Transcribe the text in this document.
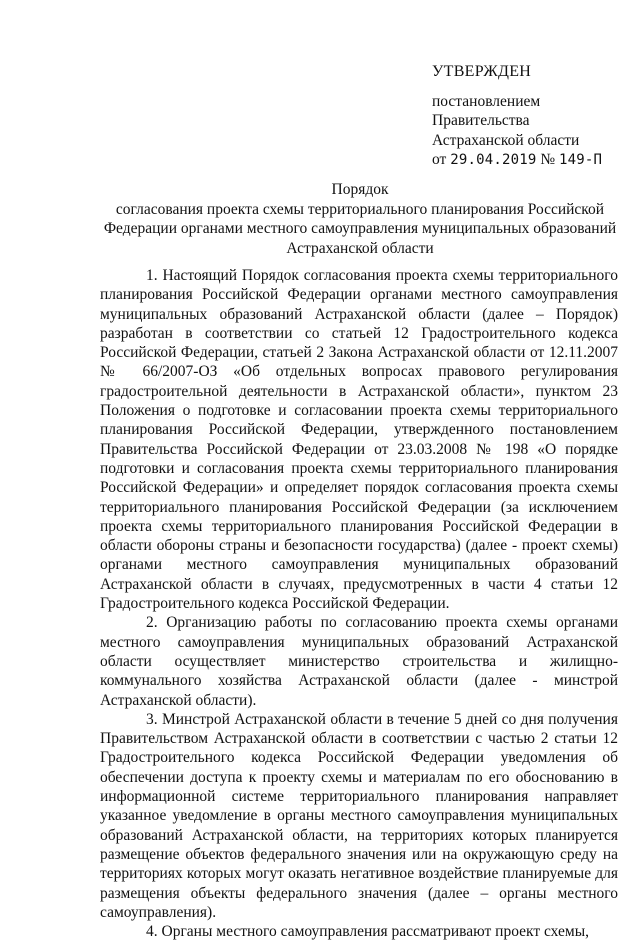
УТВЕРЖДЕН
постановлением
Правительства
Астраханской области
от 29.04.2019 № 149-П
Порядок
согласования проекта схемы территориального планирования Российской
Федерации органами местного самоуправления муниципальных образований
Астраханской области

1. Настоящий Порядок согласования проекта схемы территориального планирования Российской Федерации органами местного самоуправления муниципальных образований Астраханской области (далее – Порядок) разработан в соответствии со статьей 12 Градостроительного кодекса Российской Федерации, статьей 2 Закона Астраханской области от 12.11.2007 № 66/2007-ОЗ «Об отдельных вопросах правового регулирования градостроительной деятельности в Астраханской области», пунктом 23 Положения о подготовке и согласовании проекта схемы территориального планирования Российской Федерации, утвержденного постановлением Правительства Российской Федерации от 23.03.2008 № 198 «О порядке подготовки и согласования проекта схемы территориального планирования Российской Федерации» и определяет порядок согласования проекта схемы территориального планирования Российской Федерации (за исключением проекта схемы территориального планирования Российской Федерации в области обороны страны и безопасности государства) (далее - проект схемы) органами местного самоуправления муниципальных образований Астраханской области в случаях, предусмотренных в части 4 статьи 12 Градостроительного кодекса Российской Федерации.

2. Организацию работы по согласованию проекта схемы органами местного самоуправления муниципальных образований Астраханской области осуществляет министерство строительства и жилищно-коммунального хозяйства Астраханской области (далее - минстрой Астраханской области).

3. Минстрой Астраханской области в течение 5 дней со дня получения Правительством Астраханской области в соответствии с частью 2 статьи 12 Градостроительного кодекса Российской Федерации уведомления об обеспечении доступа к проекту схемы и материалам по его обоснованию в информационной системе территориального планирования направляет указанное уведомление в органы местного самоуправления муниципальных образований Астраханской области, на территориях которых планируется размещение объектов федерального значения или на окружающую среду на территориях которых могут оказать негативное воздействие планируемые для размещения объекты федерального значения (далее – органы местного самоуправления).

4. Органы местного самоуправления рассматривают проект схемы,
